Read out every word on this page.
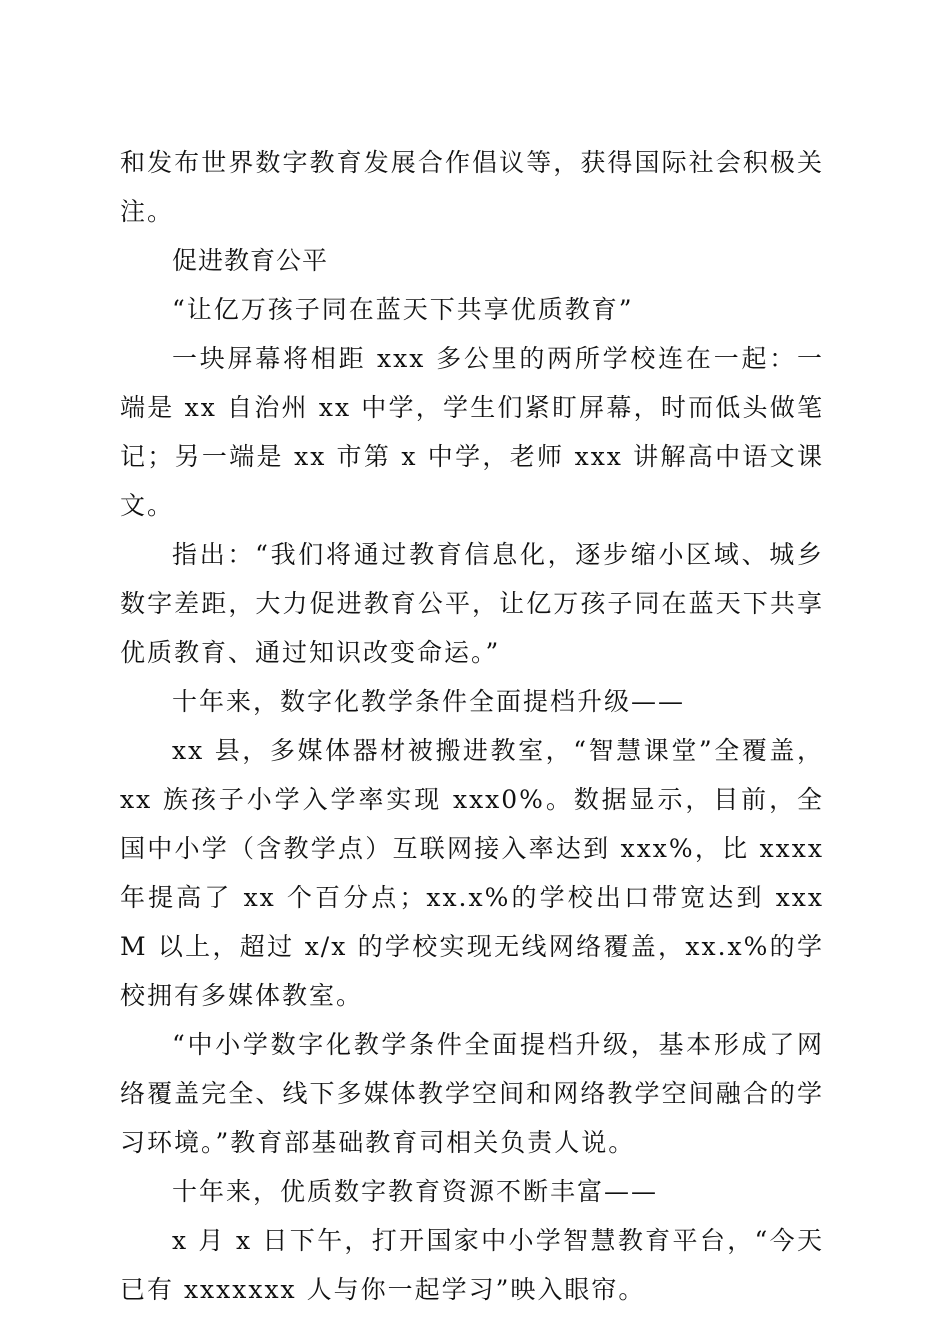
和发布世界数字教育发展合作倡议等，获得国际社会积极关注。

促进教育公平

“让亿万孩子同在蓝天下共享优质教育”

一块屏幕将相距 xxx 多公里的两所学校连在一起：一端是 xx 自治州 xx 中学，学生们紧盯屏幕，时而低头做笔记；另一端是 xx 市第 x 中学，老师 xxx 讲解高中语文课文。

指出：“我们将通过教育信息化，逐步缩小区域、城乡数字差距，大力促进教育公平，让亿万孩子同在蓝天下共享优质教育、通过知识改变命运。”

十年来，数字化教学条件全面提档升级——

xx 县，多媒体器材被搬进教室，“智慧课堂”全覆盖，xx 族孩子小学入学率实现 xxx0%。数据显示，目前，全国中小学（含教学点）互联网接入率达到 xxx%，比 xxxx 年提高了 xx 个百分点；xx.x%的学校出口带宽达到 xxxM 以上，超过 x/x 的学校实现无线网络覆盖，xx.x%的学校拥有多媒体教室。

“中小学数字化教学条件全面提档升级，基本形成了网络覆盖完全、线下多媒体教学空间和网络教学空间融合的学习环境。”教育部基础教育司相关负责人说。

十年来，优质数字教育资源不断丰富——

x 月 x 日下午，打开国家中小学智慧教育平台，“今天已有 xxxxxxx 人与你一起学习”映入眼帘。
